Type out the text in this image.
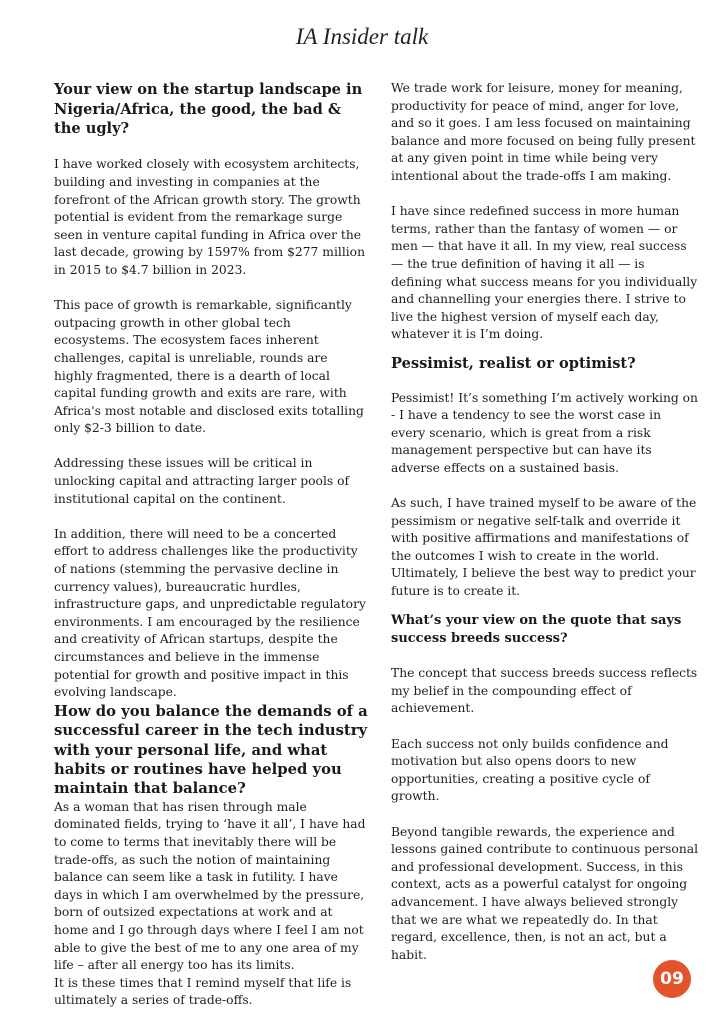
IA Insider talk
Your view on the startup landscape in Nigeria/Africa, the good, the bad & the ugly?

I have worked closely with ecosystem architects, building and investing in companies at the forefront of the African growth story. The growth potential is evident from the remarkage surge seen in venture capital funding in Africa over the last decade, growing by 1597% from $277 million in 2015 to $4.7 billion in 2023.

This pace of growth is remarkable, significantly outpacing growth in other global tech ecosystems. The ecosystem faces inherent challenges, capital is unreliable, rounds are highly fragmented, there is a dearth of local capital funding growth and exits are rare, with Africa's most notable and disclosed exits totalling only $2-3 billion to date.

Addressing these issues will be critical in unlocking capital and attracting larger pools of institutional capital on the continent.

In addition, there will need to be a concerted effort to address challenges like the productivity of nations (stemming the pervasive decline in currency values), bureaucratic hurdles, infrastructure gaps, and unpredictable regulatory environments. I am encouraged by the resilience and creativity of African startups, despite the circumstances and believe in the immense potential for growth and positive impact in this evolving landscape.

How do you balance the demands of a successful career in the tech industry with your personal life, and what habits or routines have helped you maintain that balance?

As a woman that has risen through male dominated fields, trying to ‘have it all’, I have had to come to terms that inevitably there will be trade-offs, as such the notion of maintaining balance can seem like a task in futility. I have days in which I am overwhelmed by the pressure, born of outsized expectations at work and at home and I go through days where I feel I am not able to give the best of me to any one area of my life – after all energy too has its limits.

It is these times that I remind myself that life is ultimately a series of trade-offs.

We trade work for leisure, money for meaning, productivity for peace of mind, anger for love, and so it goes. I am less focused on maintaining balance and more focused on being fully present at any given point in time while being very intentional about the trade-offs I am making.

I have since redefined success in more human terms, rather than the fantasy of women — or men — that have it all. In my view, real success — the true definition of having it all — is defining what success means for you individually and channelling your energies there. I strive to live the highest version of myself each day, whatever it is I’m doing.

Pessimist, realist or optimist?

Pessimist! It’s something I’m actively working on - I have a tendency to see the worst case in every scenario, which is great from a risk management perspective but can have its adverse effects on a sustained basis.

As such, I have trained myself to be aware of the pessimism or negative self-talk and override it with positive affirmations and manifestations of the outcomes I wish to create in the world. Ultimately, I believe the best way to predict your future is to create it.

What’s your view on the quote that says success breeds success?

The concept that success breeds success reflects my belief in the compounding effect of achievement.

Each success not only builds confidence and motivation but also opens doors to new opportunities, creating a positive cycle of growth.

Beyond tangible rewards, the experience and lessons gained contribute to continuous personal and professional development. Success, in this context, acts as a powerful catalyst for ongoing advancement. I have always believed strongly that we are what we repeatedly do. In that regard, excellence, then, is not an act, but a habit.

09
